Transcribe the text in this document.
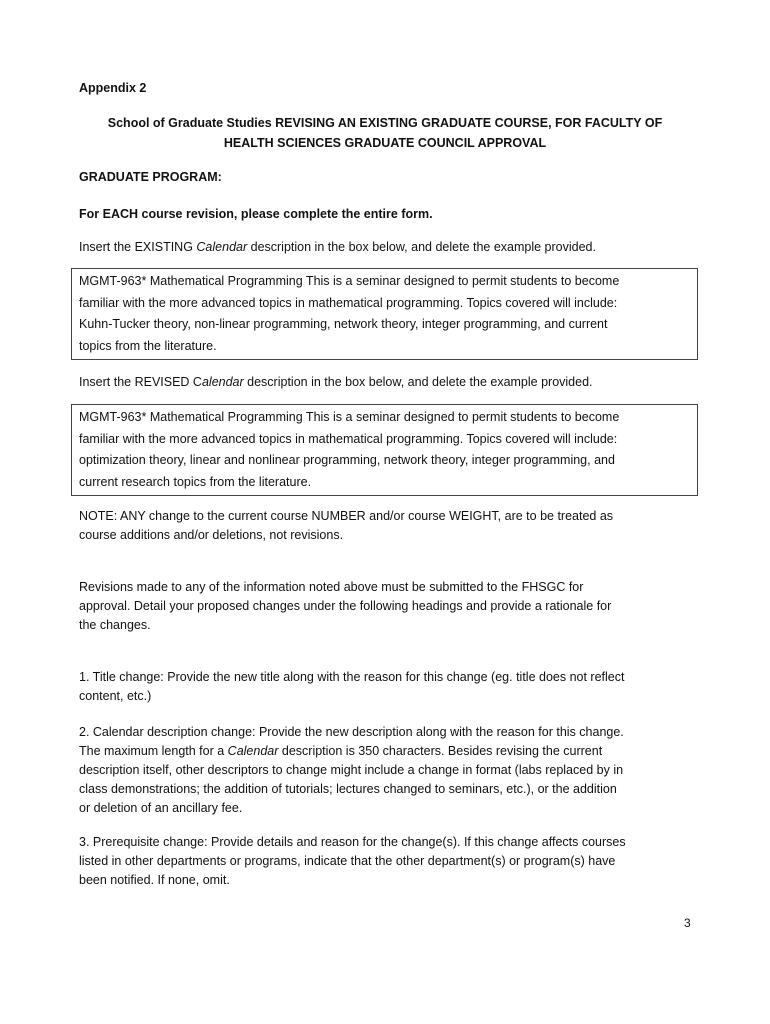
Appendix 2
School of Graduate Studies REVISING AN EXISTING GRADUATE COURSE, FOR FACULTY OF
HEALTH SCIENCES GRADUATE COUNCIL APPROVAL
GRADUATE PROGRAM:
For EACH course revision, please complete the entire form.
Insert the EXISTING Calendar description in the box below, and delete the example provided.
MGMT-963* Mathematical Programming This is a seminar designed to permit students to become
familiar with the more advanced topics in mathematical programming. Topics covered will include:
Kuhn-Tucker theory, non-linear programming, network theory, integer programming, and current
topics from the literature.
Insert the REVISED Calendar description in the box below, and delete the example provided.
MGMT-963* Mathematical Programming This is a seminar designed to permit students to become
familiar with the more advanced topics in mathematical programming. Topics covered will include:
optimization theory, linear and nonlinear programming, network theory, integer programming, and
current research topics from the literature.
NOTE: ANY change to the current course NUMBER and/or course WEIGHT, are to be treated as
course additions and/or deletions, not revisions.
Revisions made to any of the information noted above must be submitted to the FHSGC for
approval. Detail your proposed changes under the following headings and provide a rationale for
the changes.
1. Title change: Provide the new title along with the reason for this change (eg. title does not reflect
content, etc.)
2. Calendar description change: Provide the new description along with the reason for this change.
The maximum length for a Calendar description is 350 characters. Besides revising the current
description itself, other descriptors to change might include a change in format (labs replaced by in
class demonstrations; the addition of tutorials; lectures changed to seminars, etc.), or the addition
or deletion of an ancillary fee.
3. Prerequisite change: Provide details and reason for the change(s). If this change affects courses
listed in other departments or programs, indicate that the other department(s) or program(s) have
been notified. If none, omit.
3
